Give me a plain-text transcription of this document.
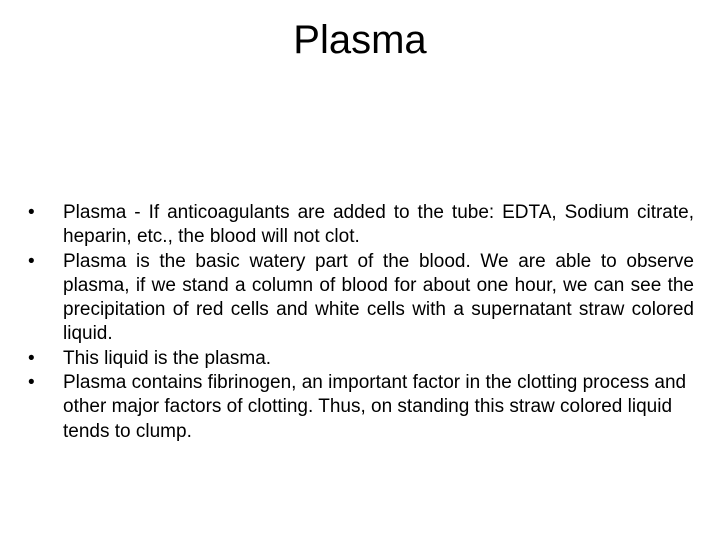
Plasma
•	Plasma - If anticoagulants are added to the tube: EDTA, Sodium citrate, heparin, etc., the blood will not clot.
•	Plasma is the basic watery part of the blood. We are able to observe plasma, if we stand a column of blood for about one hour, we can see the precipitation of red cells and white cells with a supernatant straw colored liquid.
•	This liquid is the plasma.
•	Plasma contains fibrinogen, an important factor in the clotting process and other major factors of clotting. Thus, on standing this straw colored liquid tends to clump.
